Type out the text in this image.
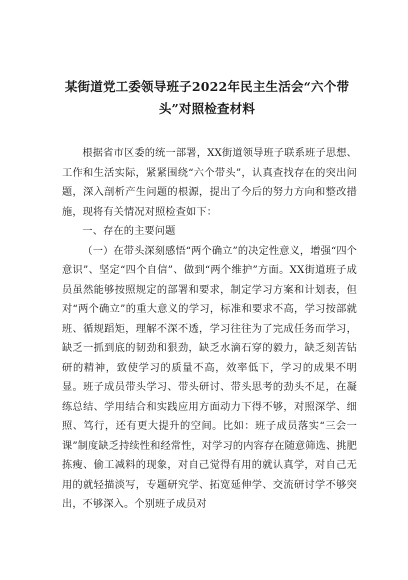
某街道党工委领导班子2022年民主生活会“六个带头”对照检查材料

根据省市区委的统一部署，XX街道领导班子联系班子思想、工作和生活实际，紧紧围绕“六个带头”，认真查找存在的突出问题，深入剖析产生问题的根源，提出了今后的努力方向和整改措施，现将有关情况对照检查如下：

一、存在的主要问题

（一）在带头深刻感悟“两个确立”的决定性意义，增强“四个意识”、坚定“四个自信”、做到“两个维护”方面。XX街道班子成员虽然能够按照规定的部署和要求，制定学习方案和计划表，但对“两个确立”的重大意义的学习，标准和要求不高，学习按部就班、循规蹈矩，理解不深不透，学习往往为了完成任务而学习，缺乏一抓到底的韧劲和狠劲，缺乏水滴石穿的毅力，缺乏刻苦钻研的精神，致使学习的质量不高，效率低下，学习的成果不明显。班子成员带头学习、带头研讨、带头思考的劲头不足，在凝练总结、学用结合和实践应用方面动力下得不够，对照深学、细照、笃行，还有更大提升的空间。比如：班子成员落实“三会一课”制度缺乏持续性和经常性，对学习的内容存在随意筛选、挑肥拣瘦、偷工减料的现象，对自己觉得有用的就认真学，对自己无用的就轻描淡写，专题研究学、拓宽延伸学、交流研讨学不够突出，不够深入。个别班子成员对
